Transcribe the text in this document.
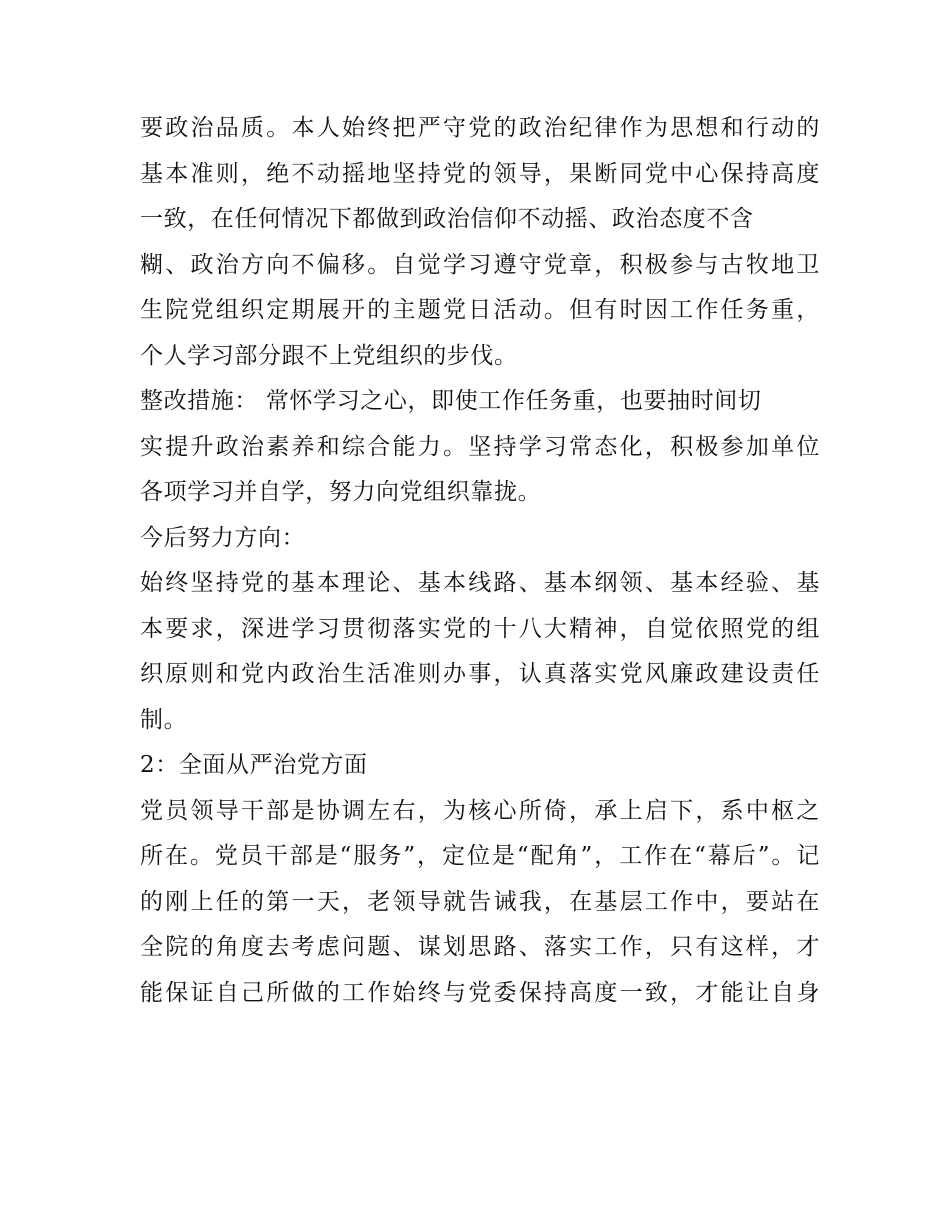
要政治品质。本人始终把严守党的政治纪律作为思想和行动的
基本准则，绝不动摇地坚持党的领导，果断同党中心保持高度
一致，在任何情况下都做到政治信仰不动摇、政治态度不含
糊、政治方向不偏移。自觉学习遵守党章，积极参与古牧地卫
生院党组织定期展开的主题党日活动。但有时因工作任务重，
个人学习部分跟不上党组织的步伐。
整改措施： 常怀学习之心，即使工作任务重，也要抽时间切
实提升政治素养和综合能力。坚持学习常态化，积极参加单位
各项学习并自学，努力向党组织靠拢。
今后努力方向：
始终坚持党的基本理论、基本线路、基本纲领、基本经验、基
本要求，深进学习贯彻落实党的十八大精神，自觉依照党的组
织原则和党内政治生活准则办事，认真落实党风廉政建设责任
制。
2：全面从严治党方面
党员领导干部是协调左右，为核心所倚，承上启下，系中枢之
所在。党员干部是“服务”，定位是“配角”，工作在“幕后”。记
的刚上任的第一天，老领导就告诫我，在基层工作中，要站在
全院的角度去考虑问题、谋划思路、落实工作，只有这样，才
能保证自己所做的工作始终与党委保持高度一致，才能让自身
